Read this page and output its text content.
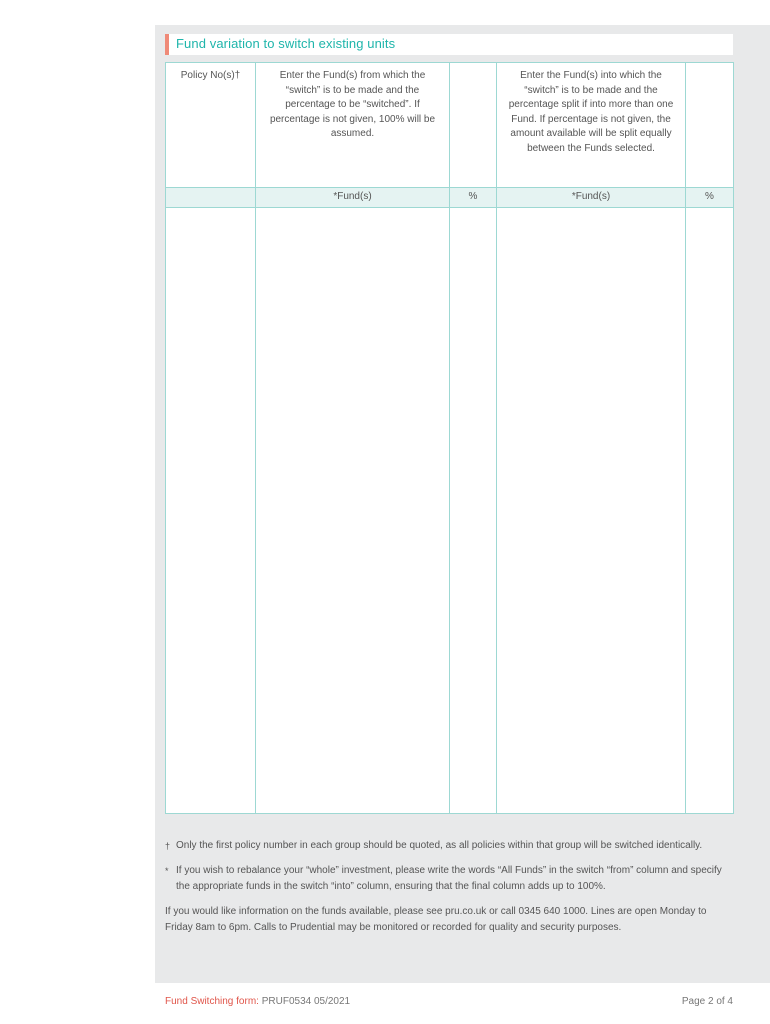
Fund variation to switch existing units
Policy No(s)†	Enter the Fund(s) from which the “switch” is to be made and the percentage to be “switched”. If percentage is not given, 100% will be assumed.		Enter the Fund(s) into which the “switch” is to be made and the percentage split if into more than one Fund. If percentage is not given, the amount available will be split equally between the Funds selected.	
	*Fund(s)	%	*Fund(s)	%

† Only the first policy number in each group should be quoted, as all policies within that group will be switched identically.
* If you wish to rebalance your “whole” investment, please write the words “All Funds” in the switch “from” column and specify the appropriate funds in the switch “into” column, ensuring that the final column adds up to 100%.
If you would like information on the funds available, please see pru.co.uk or call 0345 640 1000. Lines are open Monday to Friday 8am to 6pm. Calls to Prudential may be monitored or recorded for quality and security purposes.
Fund Switching form: PRUF0534 05/2021	Page 2 of 4
